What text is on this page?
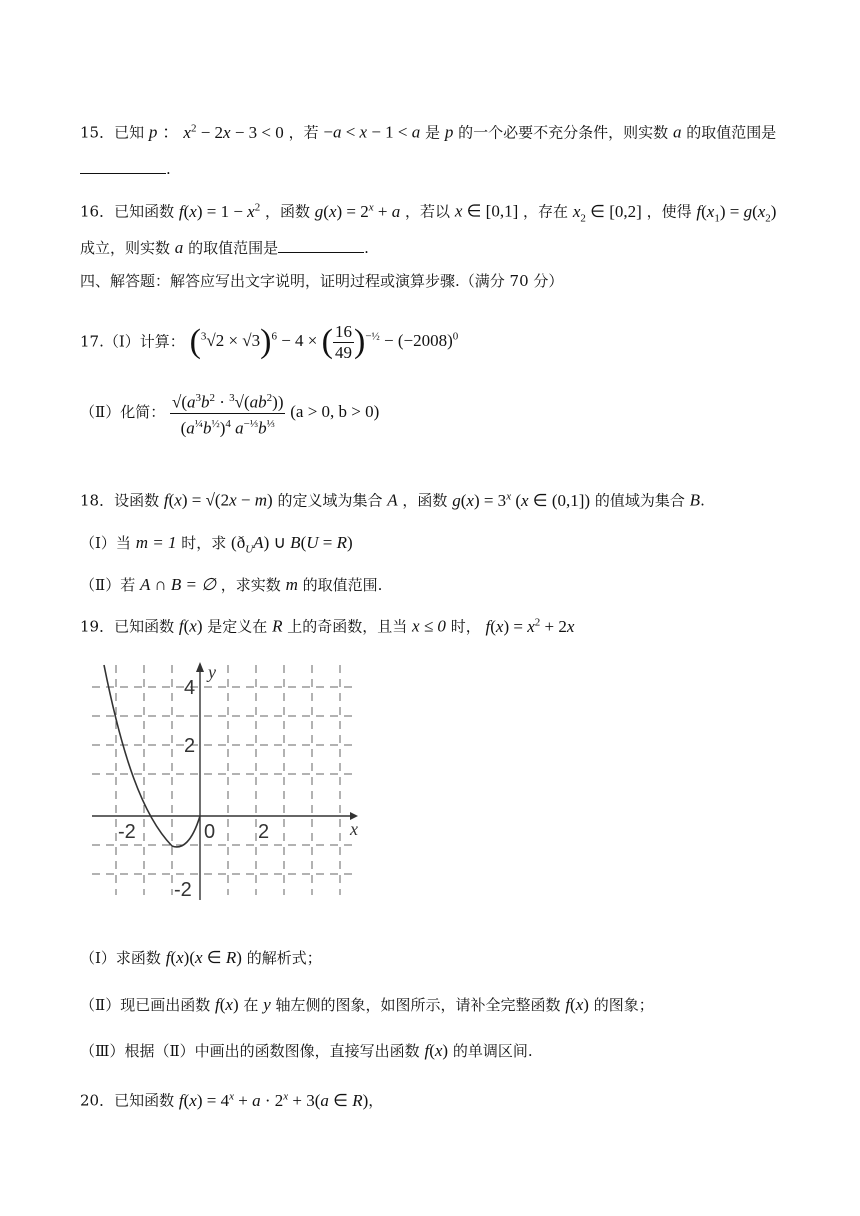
15．已知 p ： $x^2 - 2x - 3 < 0$ ，若 −a < x − 1 < a 是 p 的一个必要不充分条件，则实数 a 的取值范围是
.
16．已知函数 $f(x) = 1 - x^2$ ，函数 $g(x) = 2^x + a$ ，若以 x ∈ [0,1] ，存在 $x_2$ ∈ [0,2] ，使得 $f(x_1) = g(x_2)$
成立，则实数 a 的取值范围是	.
四、解答题：解答应写出文字说明，证明过程或演算步骤.（满分 70 分）
17.（Ⅰ）计算： $(^3√2 \times √3)^6 - 4$ × ( $\frac{16}{49} )^{-\frac{1}{2}} - (-2008)^0$
（Ⅱ）化简： $\frac{√(a^3b^2 \cdot ^3√(ab^2))}{(a^{\frac{1}{4}}b^{\frac{1}{2}})^4 a^{-\frac{1}{3}}b^{\frac{1}{3}}} (a > 0$, b > 0)
18．设函数 f(x) = √(2x − m) 的定义域为集合 A ，函数 $g(x) = 3^x$ (x ∈ (0,1]) 的值域为集合 B.
（Ⅰ）当 m = 1 时，求 $(ð_UA)$ ∪ B(U = R)
（Ⅱ）若 A ∩ B = ∅ ，求实数 m 的取值范围.
19．已知函数 f(x) 是定义在 R 上的奇函数，且当 x ≤ 0 时， $f(x) = x^2 + 2x$
y
x
0
4
2
-2
-2	2
（Ⅰ）求函数 f(x)(x ∈ R) 的解析式；
（Ⅱ）现已画出函数 f(x) 在 y 轴左侧的图象，如图所示，请补全完整函数 f(x) 的图象；
（Ⅲ）根据（Ⅱ）中画出的函数图像，直接写出函数 f(x) 的单调区间.
20．已知函数 $f(x) = 4^x + a \cdot 2^x + 3(a$ ∈ R)，
